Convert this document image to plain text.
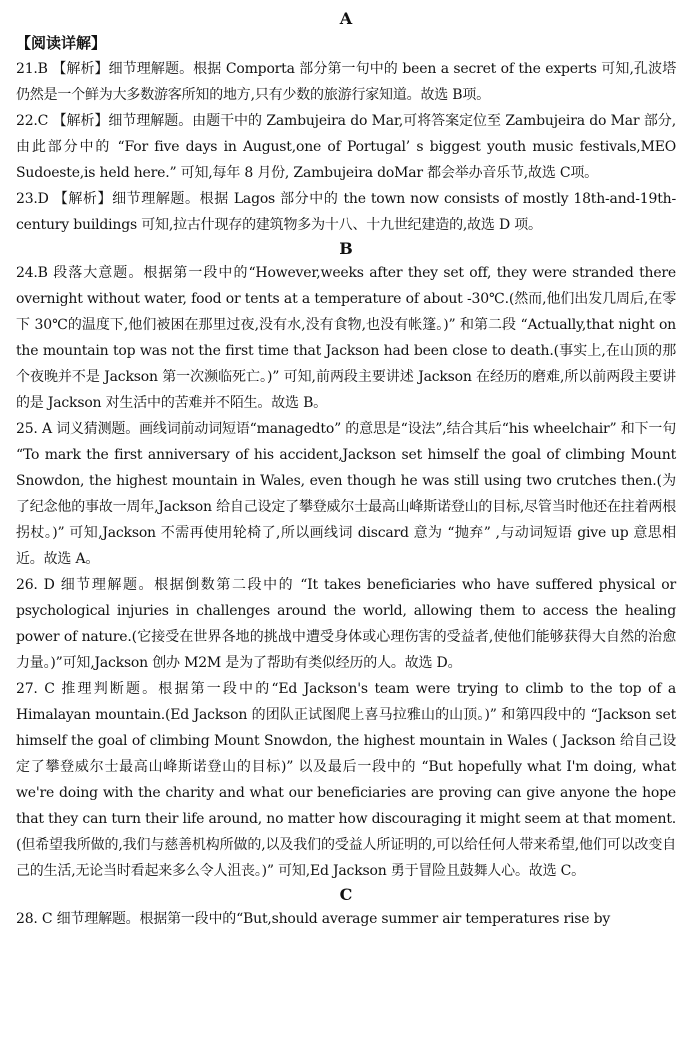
A

【阅读详解】

21.B 【解析】细节理解题。根据 Comporta 部分第一句中的 been a secret of the experts 可知,孔波塔仍然是一个鲜为大多数游客所知的地方,只有少数的旅游行家知道。故选 B项。

22.C 【解析】细节理解题。由题干中的 Zambujeira do Mar,可将答案定位至 Zambujeira do Mar 部分,由此部分中的 “For five days in August,one of Portugal’ s biggest youth music festivals,MEO Sudoeste,is held here.” 可知,每年 8 月份, Zambujeira doMar 都会举办音乐节,故选 C项。

23.D 【解析】细节理解题。根据 Lagos 部分中的 the town now consists of mostly 18th-and-19th-century buildings 可知,拉古什现存的建筑物多为十八、十九世纪建造的,故选 D 项。

B

24.B 段落大意题。根据第一段中的“However,weeks after they set off, they were stranded there overnight without water, food or tents at a temperature of about -30℃.(然而,他们出发几周后,在零下 30℃的温度下,他们被困在那里过夜,没有水,没有食物,也没有帐篷。)” 和第二段 “Actually,that night on the mountain top was not the first time that Jackson had been close to death.(事实上,在山顶的那个夜晚并不是 Jackson 第一次濒临死亡。)” 可知,前两段主要讲述 Jackson 在经历的磨难,所以前两段主要讲的是 Jackson 对生活中的苦难并不陌生。故选 B。

25. A 词义猜测题。画线词前动词短语“managedto” 的意思是“设法”,结合其后“his wheelchair” 和下一句 “To mark the first anniversary of his accident,Jackson set himself the goal of climbing Mount Snowdon, the highest mountain in Wales, even though he was still using two crutches then.(为了纪念他的事故一周年,Jackson 给自己设定了攀登威尔士最高山峰斯诺登山的目标,尽管当时他还在拄着两根拐杖。)” 可知,Jackson 不需再使用轮椅了,所以画线词 discard 意为 “抛弃” ,与动词短语 give up 意思相近。故选 A。

26. D 细节理解题。根据倒数第二段中的 “It takes beneficiaries who have suffered physical or psychological injuries in challenges around the world, allowing them to access the healing power of nature.(它接受在世界各地的挑战中遭受身体或心理伤害的受益者,使他们能够获得大自然的治愈力量。)”可知,Jackson 创办 M2M 是为了帮助有类似经历的人。故选 D。

27. C 推理判断题。根据第一段中的“Ed Jackson's team were trying to climb to the top of a Himalayan mountain.(Ed Jackson 的团队正试图爬上喜马拉雅山的山顶。)” 和第四段中的 “Jackson set himself the goal of climbing Mount Snowdon, the highest mountain in Wales ( Jackson 给自己设定了攀登威尔士最高山峰斯诺登山的目标)” 以及最后一段中的 “But hopefully what I'm doing, what we're doing with the charity and what our beneficiaries are proving can give anyone the hope that they can turn their life around, no matter how discouraging it might seem at that moment.(但希望我所做的,我们与慈善机构所做的,以及我们的受益人所证明的,可以给任何人带来希望,他们可以改变自己的生活,无论当时看起来多么令人沮丧。)” 可知,Ed Jackson 勇于冒险且鼓舞人心。故选 C。

C

28. C 细节理解题。根据第一段中的“But,should average summer air temperatures rise by
